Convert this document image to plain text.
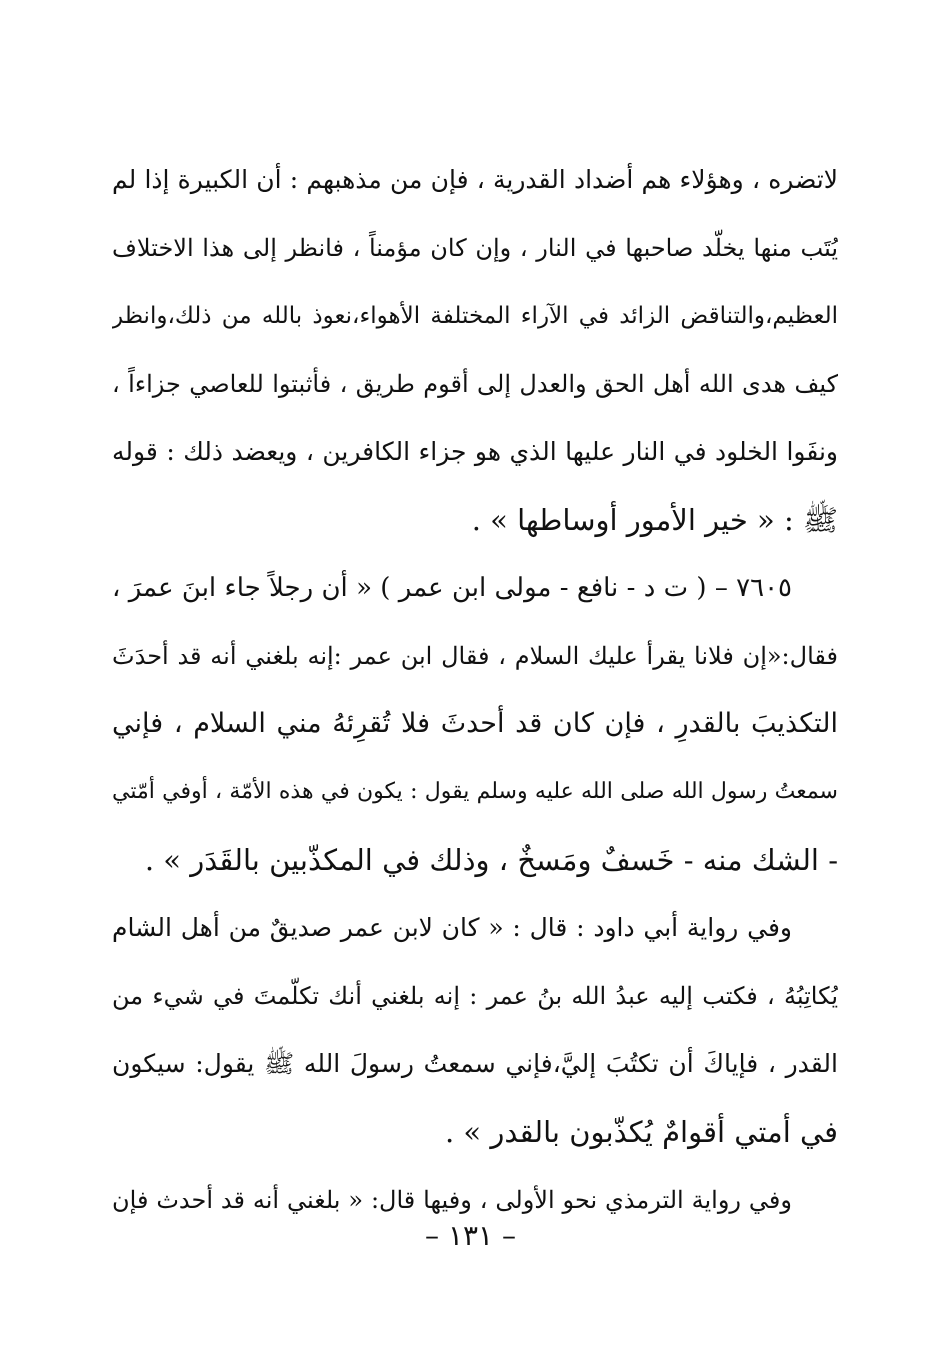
لاتضره ، وهؤلاء هم أضداد القدرية ، فإن من مذهبهم : أن الكبيرة إذا لم
يُتَب منها يخلّد صاحبها في النار ، وإن كان مؤمناً ، فانظر إلى هذا الاختلاف
العظيم،والتناقض الزائد في الآراء المختلفة الأهواء،نعوذ بالله من ذلك،وانظر
كيف هدى الله أهل الحق والعدل إلى أقوم طريق ، فأثبتوا للعاصي جزاءاً ،
ونفَوا الخلود في النار عليها الذي هو جزاء الكافرين ، ويعضد ذلك : قوله
ﷺ : « خير الأمور أوساطها » .
٧٦٠٥ – ( ت د - نافع - مولى ابن عمر ) « أن رجلاً جاء ابنَ عمرَ ،
فقال:«إن فلانا يقرأ عليك السلام ، فقال ابن عمر :إنه بلغني أنه قد أحدَثَ
التكذيبَ بالقدرِ ، فإن كان قد أحدثَ فلا تُقرِئهُ مني السلام ، فإني
سمعتُ رسول الله صلى الله عليه وسلم يقول : يكون في هذه الأمّة ، أوفي أمّتي
- الشك منه - خَسفٌ ومَسخٌ ، وذلك في المكذّبين بالقَدَر » .
وفي رواية أبي داود : قال : « كان لابن عمر صديقٌ من أهل الشام
يُكاتِبُهُ ، فكتب إليه عبدُ الله بنُ عمر : إنه بلغني أنك تكلّمتَ في شيء من
القدر ، فإياكَ أن تكتُبَ إليَّ،فإني سمعتُ رسولَ الله ﷺ يقول: سيكون
في أمتي أقوامٌ يُكذّبون بالقدر » .
وفي رواية الترمذي نحو الأولى ، وفيها قال: « بلغني أنه قد أحدث فإن
– ١٣١ –
